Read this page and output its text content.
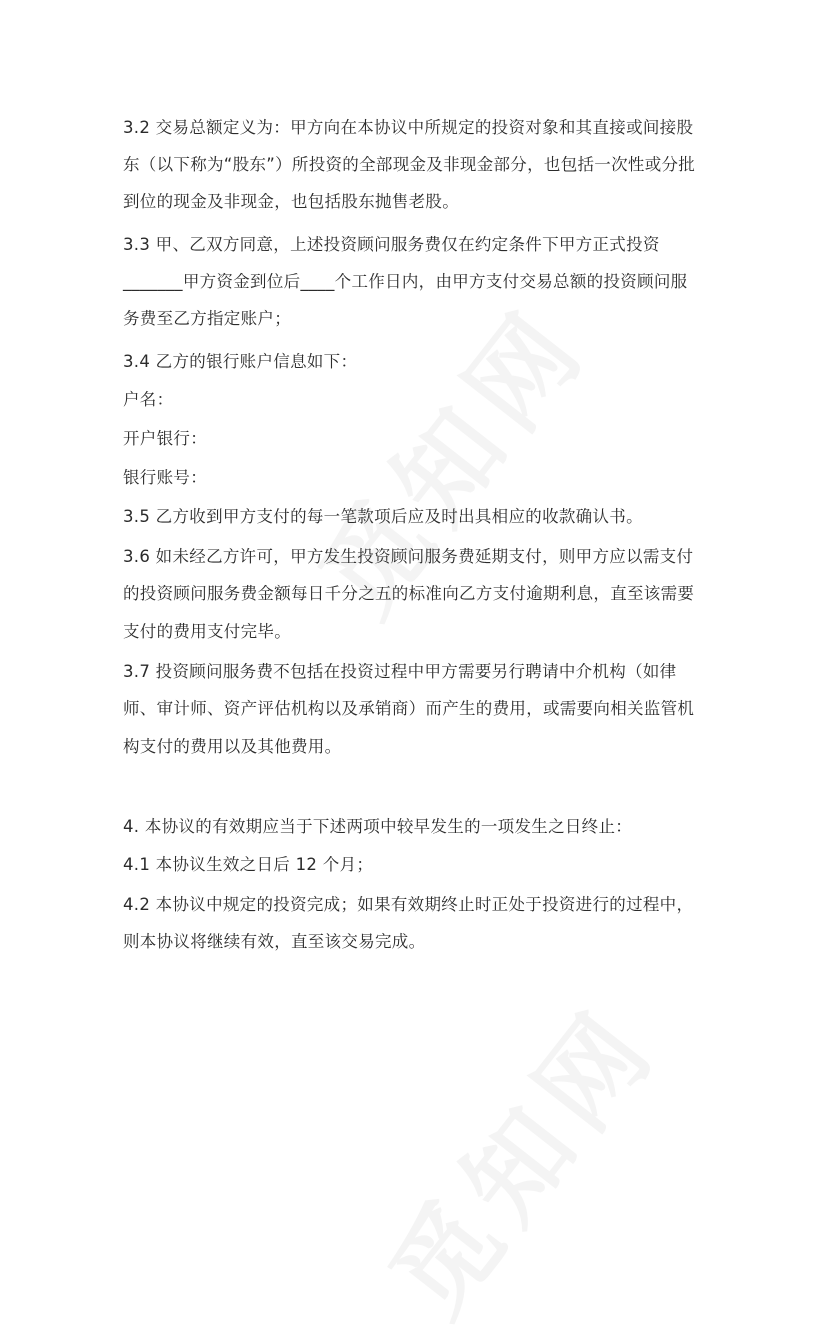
3.2 交易总额定义为：甲方向在本协议中所规定的投资对象和其直接或间接股
东（以下称为“股东”）所投资的全部现金及非现金部分，也包括一次性或分批
到位的现金及非现金，也包括股东抛售老股。
3.3 甲、乙双方同意，上述投资顾问服务费仅在约定条件下甲方正式投资
_______甲方资金到位后____个工作日内，由甲方支付交易总额的投资顾问服
务费至乙方指定账户；
3.4 乙方的银行账户信息如下：
户名：
开户银行：
银行账号：
3.5 乙方收到甲方支付的每一笔款项后应及时出具相应的收款确认书。
3.6 如未经乙方许可，甲方发生投资顾问服务费延期支付，则甲方应以需支付
的投资顾问服务费金额每日千分之五的标准向乙方支付逾期利息，直至该需要
支付的费用支付完毕。
3.7 投资顾问服务费不包括在投资过程中甲方需要另行聘请中介机构（如律
师、审计师、资产评估机构以及承销商）而产生的费用，或需要向相关监管机
构支付的费用以及其他费用。
4. 本协议的有效期应当于下述两项中较早发生的一项发生之日终止：
4.1 本协议生效之日后 12 个月；
4.2 本协议中规定的投资完成；如果有效期终止时正处于投资进行的过程中，
则本协议将继续有效，直至该交易完成。
